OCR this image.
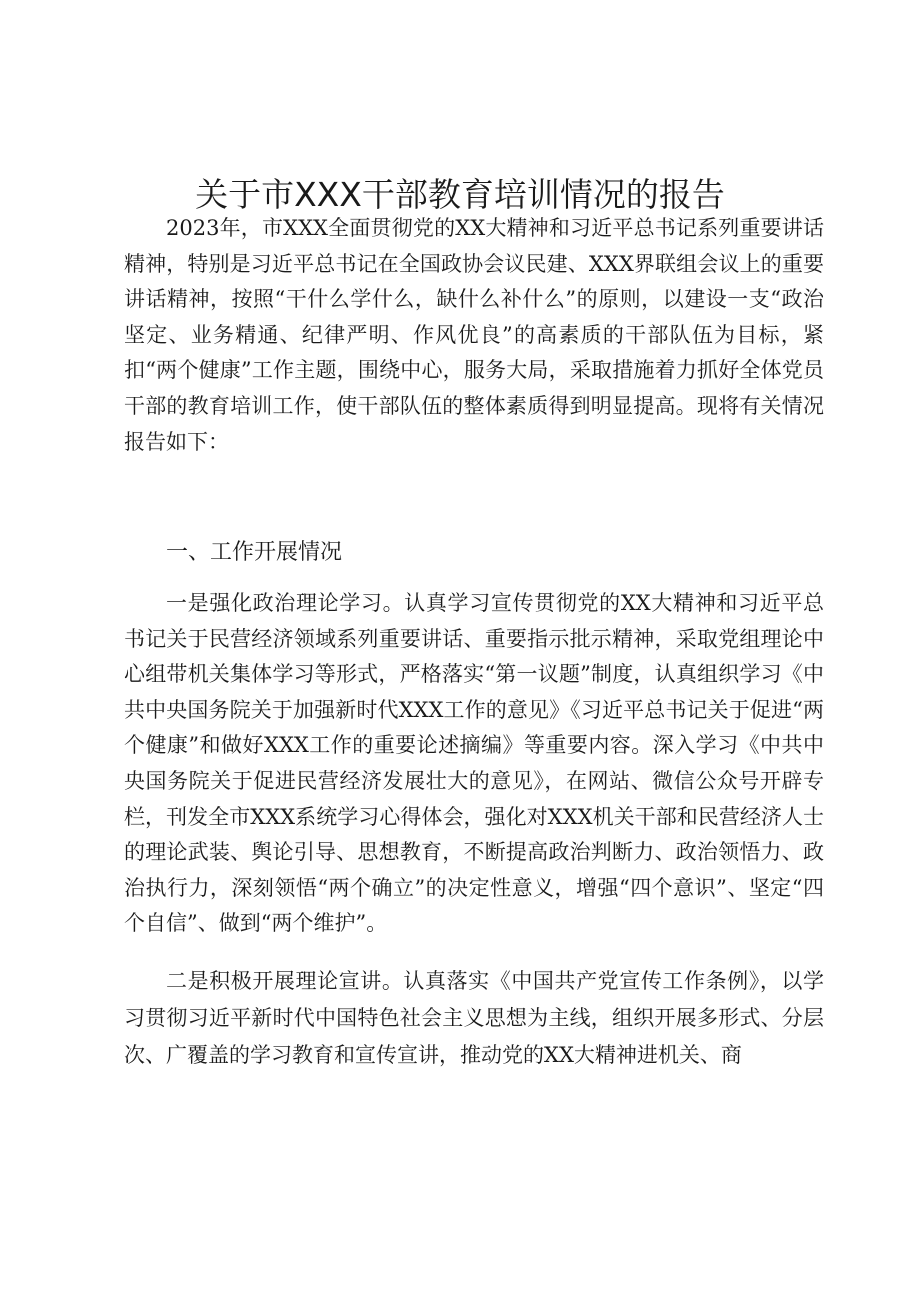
关于市XXX干部教育培训情况的报告

2023年，市XXX全面贯彻党的XX大精神和习近平总书记系列重要讲话精神，特别是习近平总书记在全国政协会议民建、XXX界联组会议上的重要讲话精神，按照“干什么学什么，缺什么补什么”的原则，以建设一支“政治坚定、业务精通、纪律严明、作风优良”的高素质的干部队伍为目标，紧扣“两个健康”工作主题，围绕中心，服务大局，采取措施着力抓好全体党员干部的教育培训工作，使干部队伍的整体素质得到明显提高。现将有关情况报告如下：

一、工作开展情况

一是强化政治理论学习。认真学习宣传贯彻党的XX大精神和习近平总书记关于民营经济领域系列重要讲话、重要指示批示精神，采取党组理论中心组带机关集体学习等形式，严格落实“第一议题”制度，认真组织学习《中共中央国务院关于加强新时代XXX工作的意见》《习近平总书记关于促进“两个健康”和做好XXX工作的重要论述摘编》等重要内容。深入学习《中共中央国务院关于促进民营经济发展壮大的意见》，在网站、微信公众号开辟专栏，刊发全市XXX系统学习心得体会，强化对XXX机关干部和民营经济人士的理论武装、舆论引导、思想教育，不断提高政治判断力、政治领悟力、政治执行力，深刻领悟“两个确立”的决定性意义，增强“四个意识”、坚定“四个自信”、做到“两个维护”。

二是积极开展理论宣讲。认真落实《中国共产党宣传工作条例》，以学习贯彻习近平新时代中国特色社会主义思想为主线，组织开展多形式、分层次、广覆盖的学习教育和宣传宣讲，推动党的XX大精神进机关、商
